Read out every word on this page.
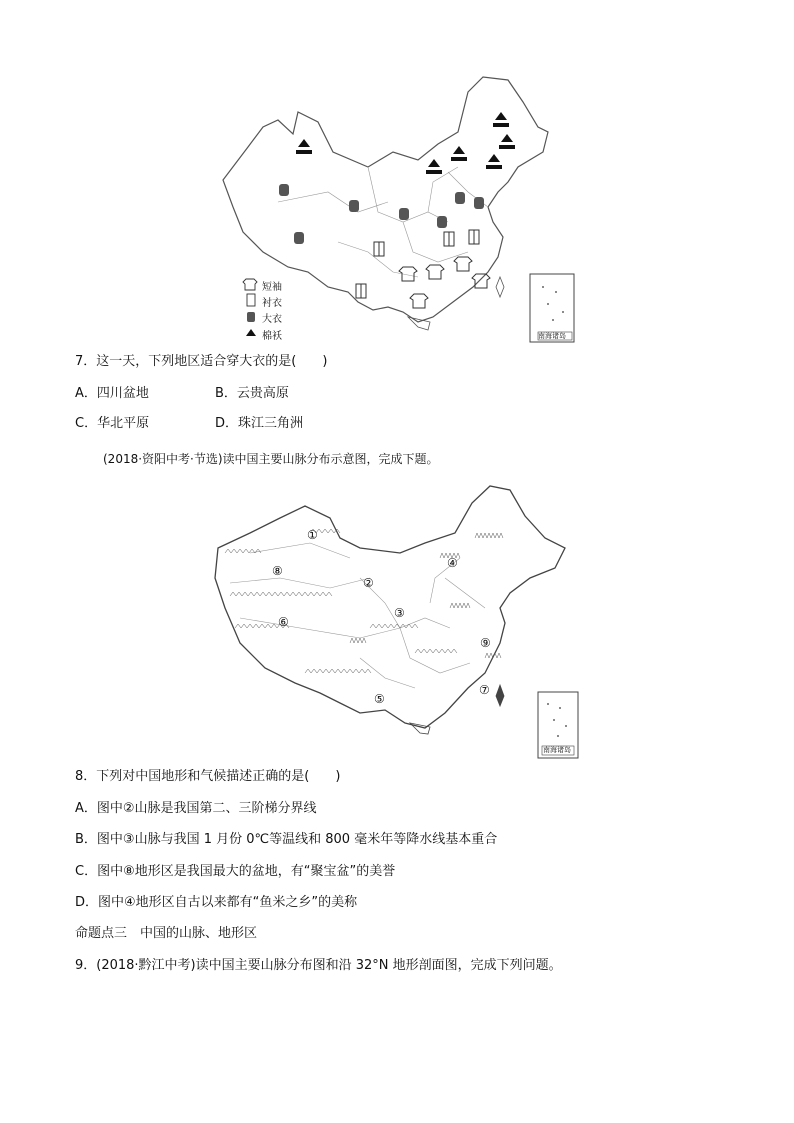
短袖
衬衣
大衣
棉袄	南海诸岛
7．这一天，下列地区适合穿大衣的是(　　)
A．四川盆地	B．云贵高原
C．华北平原	D．珠江三角洲
(2018·资阳中考·节选)读中国主要山脉分布示意图，完成下题。
①
②
③
④
⑤
⑥
⑦
⑧
⑨
南海诸岛
8．下列对中国地形和气候描述正确的是(　　)
A．图中②山脉是我国第二、三阶梯分界线
B．图中③山脉与我国 1 月份 0℃等温线和 800 毫米年等降水线基本重合
C．图中⑧地形区是我国最大的盆地，有“聚宝盆”的美誉
D．图中④地形区自古以来都有“鱼米之乡”的美称
命题点三　中国的山脉、地形区
9．(2018·黔江中考)读中国主要山脉分布图和沿 32°N 地形剖面图，完成下列问题。
